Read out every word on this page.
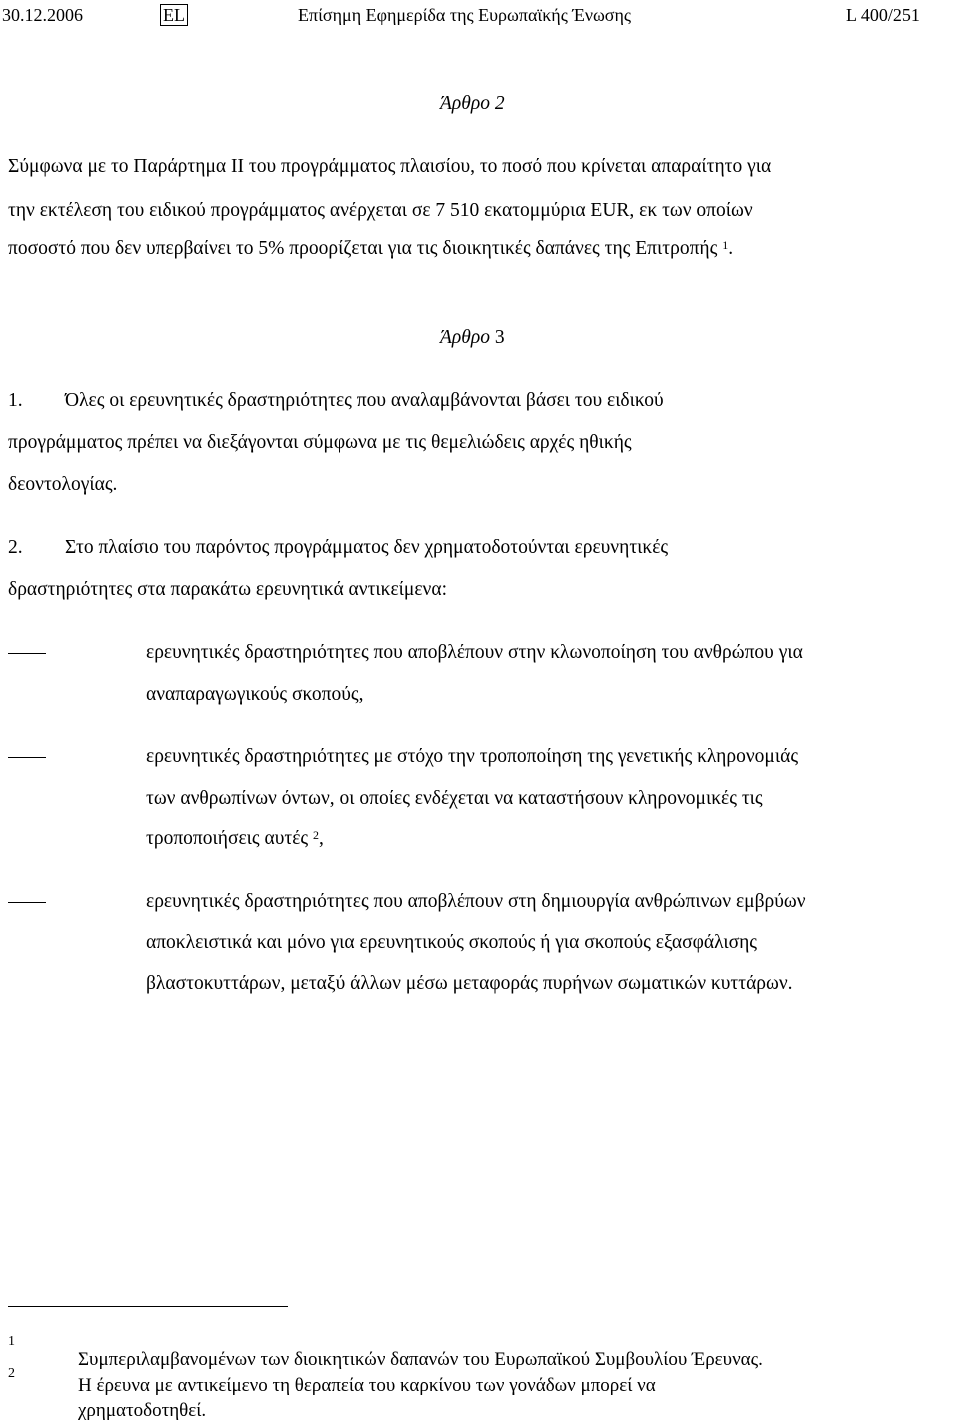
30.12.2006	EL	Επίσημη Εφημερίδα της Ευρωπαϊκής Ένωσης	L 400/251
Άρθρο 2
Σύμφωνα με το Παράρτημα ΙΙ του προγράμματος πλαισίου, το ποσό που κρίνεται απαραίτητο για
την εκτέλεση του ειδικού προγράμματος ανέρχεται σε 7 510 εκατομμύρια EUR, εκ των οποίων
ποσοστό που δεν υπερβαίνει το 5% προορίζεται για τις διοικητικές δαπάνες της Επιτροπής $^1$.
Άρθρο 3
1. Όλες οι ερευνητικές δραστηριότητες που αναλαμβάνονται βάσει του ειδικού
προγράμματος πρέπει να διεξάγονται σύμφωνα με τις θεμελιώδεις αρχές ηθικής
δεοντολογίας.
2. Στο πλαίσιο του παρόντος προγράμματος δεν χρηματοδοτούνται ερευνητικές
δραστηριότητες στα παρακάτω ερευνητικά αντικείμενα:
ερευνητικές δραστηριότητες που αποβλέπουν στην κλωνοποίηση του ανθρώπου για
αναπαραγωγικούς σκοπούς,
ερευνητικές δραστηριότητες με στόχο την τροποποίηση της γενετικής κληρονομιάς
των ανθρωπίνων όντων, οι οποίες ενδέχεται να καταστήσουν κληρονομικές τις
τροποποιήσεις αυτές $^2$,
ερευνητικές δραστηριότητες που αποβλέπουν στη δημιουργία ανθρώπινων εμβρύων
αποκλειστικά και μόνο για ερευνητικούς σκοπούς ή για σκοπούς εξασφάλισης
βλαστοκυττάρων, μεταξύ άλλων μέσω μεταφοράς πυρήνων σωματικών κυττάρων.
1
Συμπεριλαμβανομένων των διοικητικών δαπανών του Ευρωπαϊκού Συμβουλίου Έρευνας.
2
Η έρευνα με αντικείμενο τη θεραπεία του καρκίνου των γονάδων μπορεί να
χρηματοδοτηθεί.
